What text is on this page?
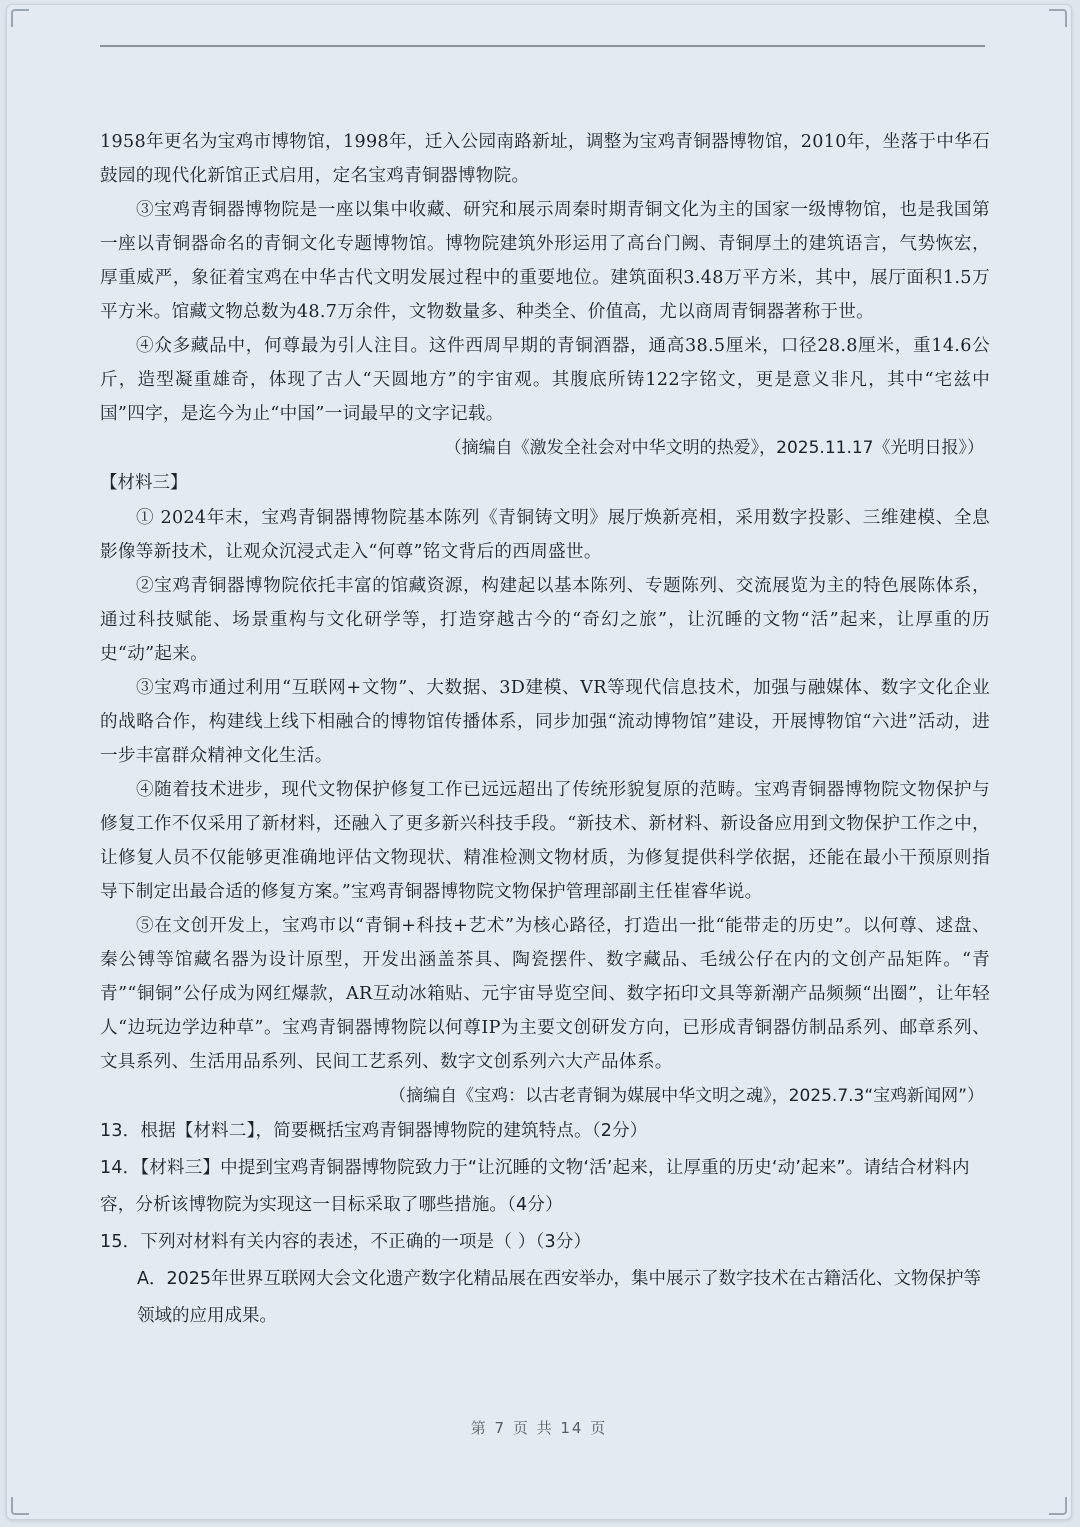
1958年更名为宝鸡市博物馆，1998年，迁入公园南路新址，调整为宝鸡青铜器博物馆，2010年，坐落于中华石鼓园的现代化新馆正式启用，定名宝鸡青铜器博物院。

③宝鸡青铜器博物院是一座以集中收藏、研究和展示周秦时期青铜文化为主的国家一级博物馆，也是我国第一座以青铜器命名的青铜文化专题博物馆。博物院建筑外形运用了高台门阙、青铜厚土的建筑语言，气势恢宏，厚重威严，象征着宝鸡在中华古代文明发展过程中的重要地位。建筑面积3.48万平方米，其中，展厅面积1.5万平方米。馆藏文物总数为48.7万余件，文物数量多、种类全、价值高，尤以商周青铜器著称于世。

④众多藏品中，何尊最为引人注目。这件西周早期的青铜酒器，通高38.5厘米，口径28.8厘米，重14.6公斤，造型凝重雄奇，体现了古人“天圆地方”的宇宙观。其腹底所铸122字铭文，更是意义非凡，其中“宅兹中国”四字，是迄今为止“中国”一词最早的文字记载。

（摘编自《激发全社会对中华文明的热爱》，2025.11.17《光明日报》）

【材料三】

① 2024年末，宝鸡青铜器博物院基本陈列《青铜铸文明》展厅焕新亮相，采用数字投影、三维建模、全息影像等新技术，让观众沉浸式走入“何尊”铭文背后的西周盛世。

②宝鸡青铜器博物院依托丰富的馆藏资源，构建起以基本陈列、专题陈列、交流展览为主的特色展陈体系，通过科技赋能、场景重构与文化研学等，打造穿越古今的“奇幻之旅”，让沉睡的文物“活”起来，让厚重的历史“动”起来。

③宝鸡市通过利用“互联网+文物”、大数据、3D建模、VR等现代信息技术，加强与融媒体、数字文化企业的战略合作，构建线上线下相融合的博物馆传播体系，同步加强“流动博物馆”建设，开展博物馆“六进”活动，进一步丰富群众精神文化生活。

④随着技术进步，现代文物保护修复工作已远远超出了传统形貌复原的范畴。宝鸡青铜器博物院文物保护与修复工作不仅采用了新材料，还融入了更多新兴科技手段。“新技术、新材料、新设备应用到文物保护工作之中，让修复人员不仅能够更准确地评估文物现状、精准检测文物材质，为修复提供科学依据，还能在最小干预原则指导下制定出最合适的修复方案。”宝鸡青铜器博物院文物保护管理部副主任崔睿华说。

⑤在文创开发上，宝鸡市以“青铜+科技+艺术”为核心路径，打造出一批“能带走的历史”。以何尊、逑盘、秦公镈等馆藏名器为设计原型，开发出涵盖茶具、陶瓷摆件、数字藏品、毛绒公仔在内的文创产品矩阵。“青青”“铜铜”公仔成为网红爆款，AR互动冰箱贴、元宇宙导览空间、数字拓印文具等新潮产品频频“出圈”，让年轻人“边玩边学边种草”。宝鸡青铜器博物院以何尊IP为主要文创研发方向，已形成青铜器仿制品系列、邮章系列、文具系列、生活用品系列、民间工艺系列、数字文创系列六大产品体系。

（摘编自《宝鸡：以古老青铜为媒展中华文明之魂》，2025.7.3“宝鸡新闻网”）

13．根据【材料二】，简要概括宝鸡青铜器博物院的建筑特点。（2分）

14．【材料三】中提到宝鸡青铜器博物院致力于“让沉睡的文物‘活’起来，让厚重的历史‘动’起来”。请结合材料内容，分析该博物院为实现这一目标采取了哪些措施。（4分）

15．下列对材料有关内容的表述，不正确的一项是（ ）（3分）

A．2025年世界互联网大会文化遗产数字化精品展在西安举办，集中展示了数字技术在古籍活化、文物保护等领域的应用成果。

第 7 页 共 14 页
